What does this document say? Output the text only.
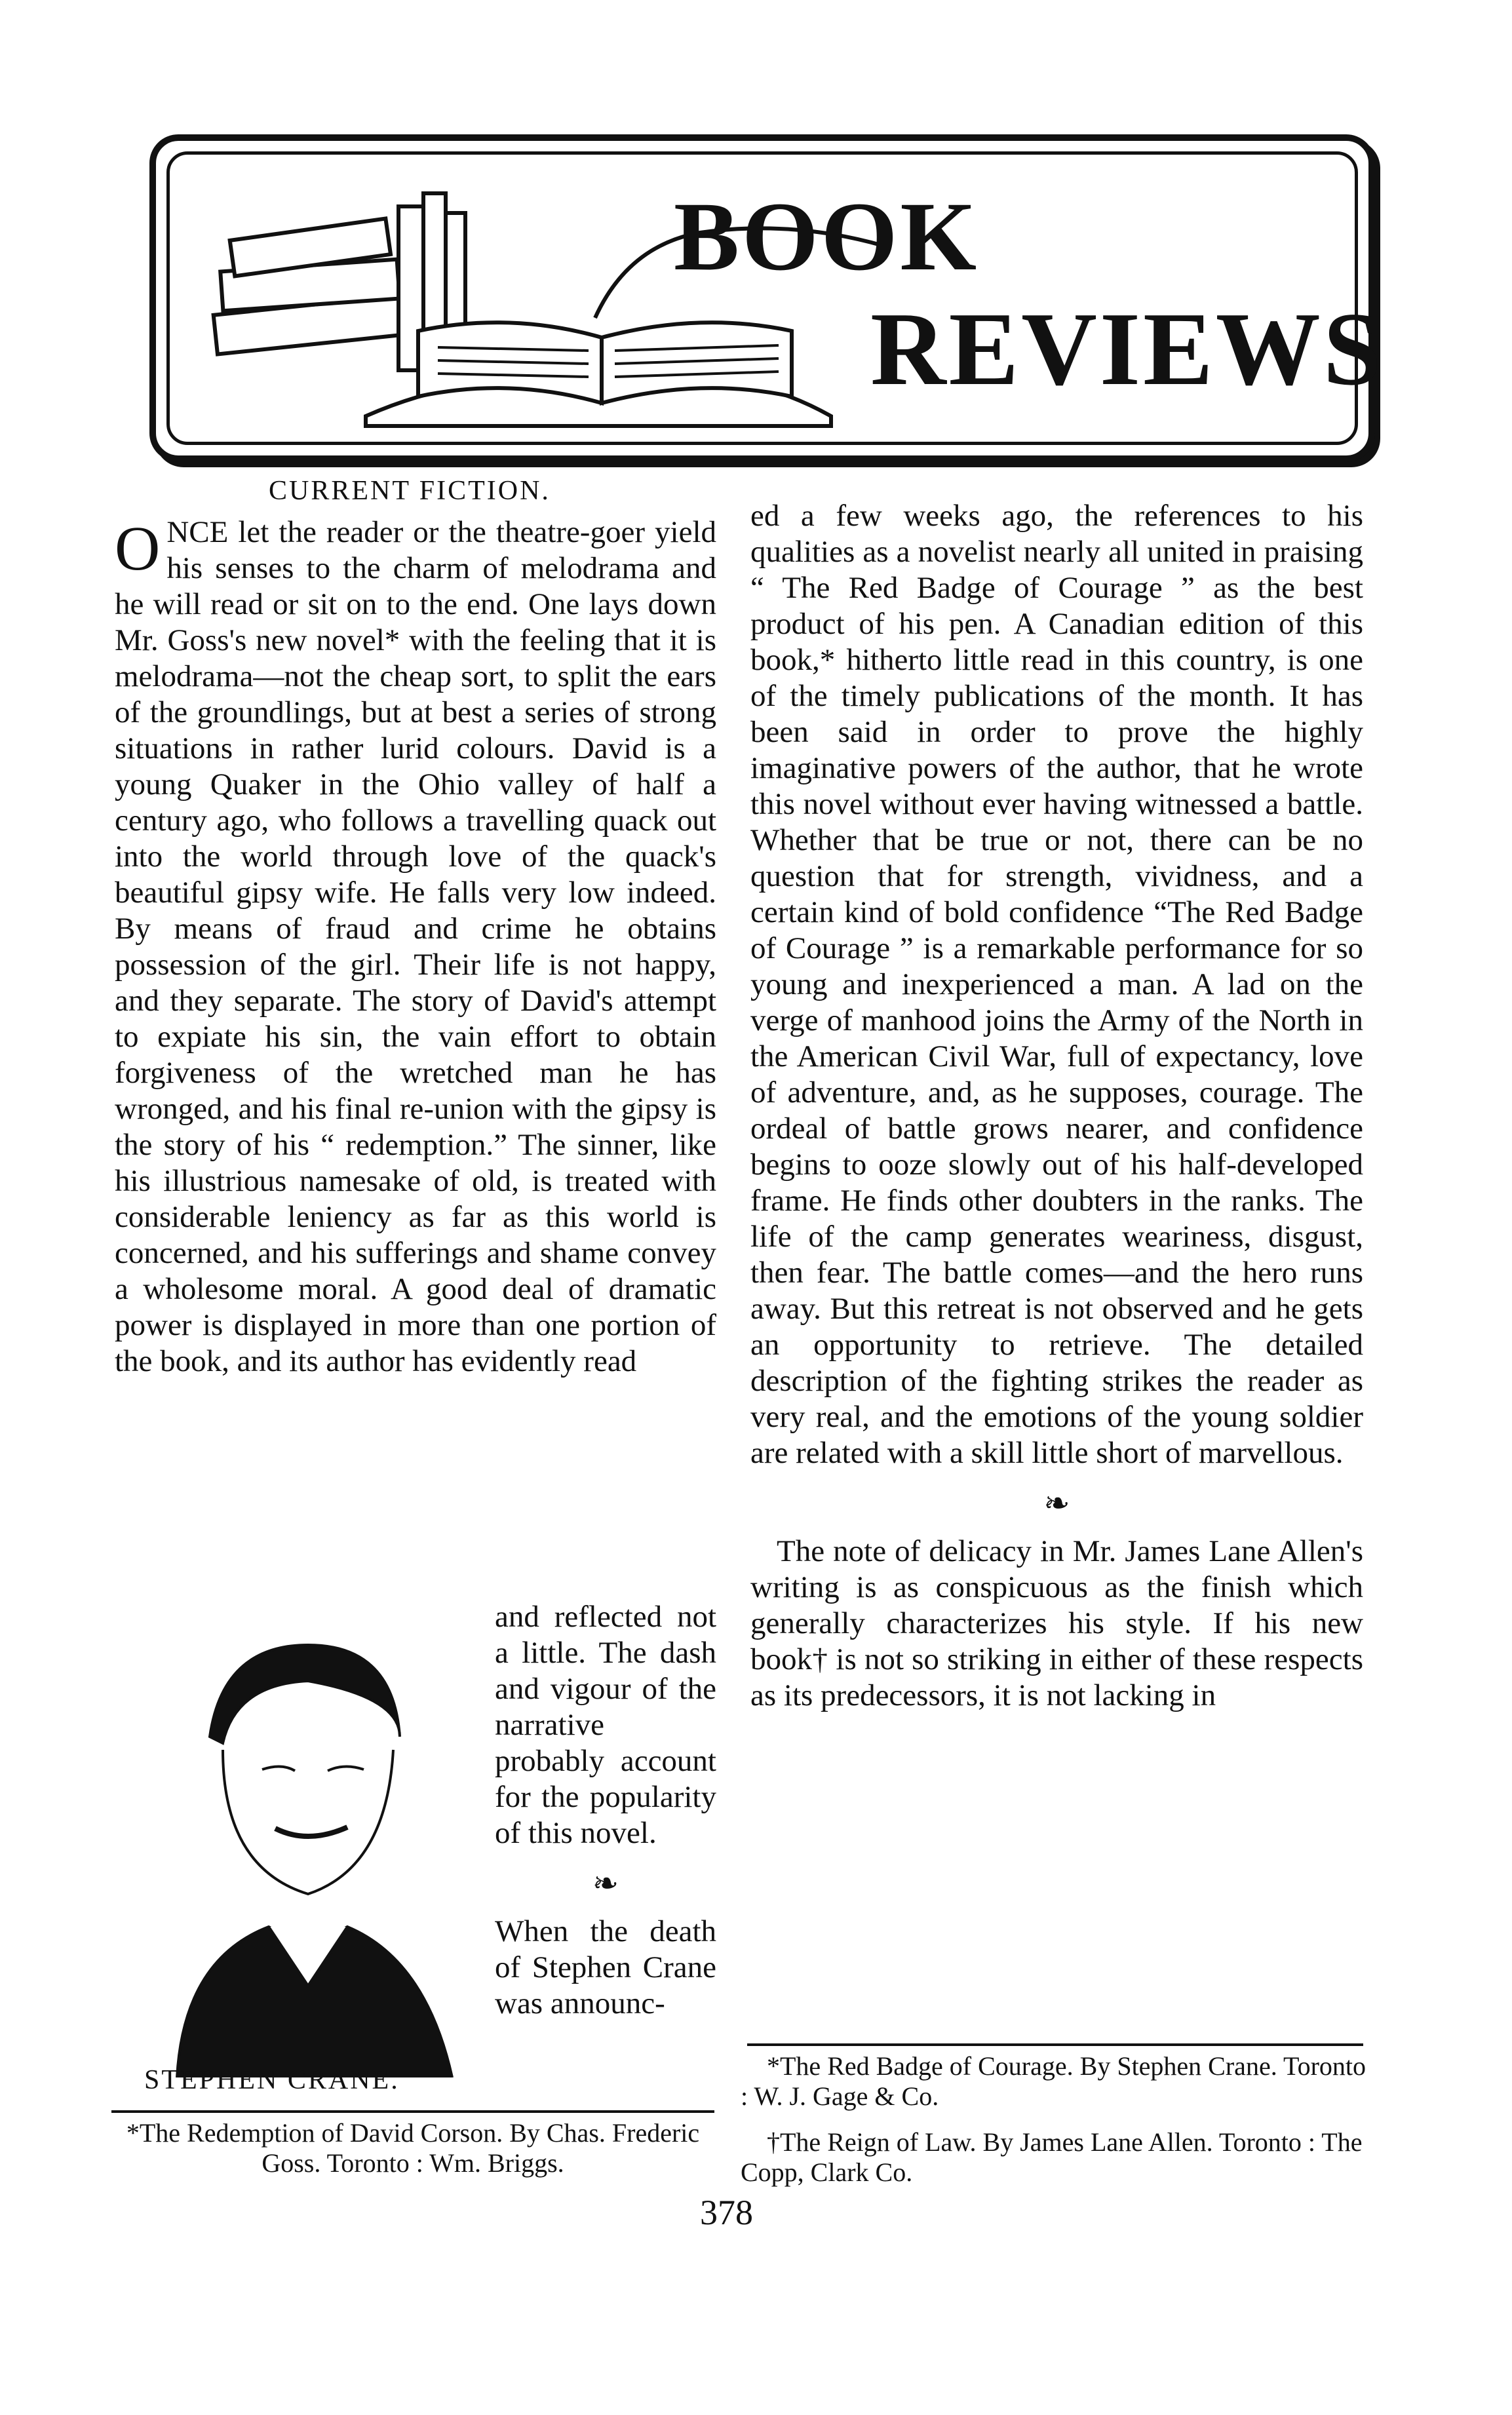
BOOK
REVIEWS
CURRENT FICTION.

ONCE let the reader or the theatre-goer yield his senses to the charm of melodrama and he will read or sit on to the end. One lays down Mr. Goss's new novel* with the feeling that it is melodrama—not the cheap sort, to split the ears of the groundlings, but at best a series of strong situations in rather lurid colours. David is a young Quaker in the Ohio valley of half a century ago, who follows a travelling quack out into the world through love of the quack's beautiful gipsy wife. He falls very low indeed. By means of fraud and crime he obtains possession of the girl. Their life is not happy, and they separate. The story of David's attempt to expiate his sin, the vain effort to obtain forgiveness of the wretched man he has wronged, and his final re-union with the gipsy is the story of his “ redemption.” The sinner, like his illustrious namesake of old, is treated with considerable leniency as far as this world is concerned, and his sufferings and shame convey a wholesome moral. A good deal of dramatic power is displayed in more than one portion of the book, and its author has evidently read

and reflected not a little. The dash and vigour of the narrative probably account for the popularity of this novel.

❧

When the death of Stephen Crane was announc-

STEPHEN CRANE.
*The Redemption of David Corson. By Chas. Frederic Goss. Toronto : Wm. Briggs.

ed a few weeks ago, the references to his qualities as a novelist nearly all united in praising “ The Red Badge of Courage ” as the best product of his pen. A Canadian edition of this book,* hitherto little read in this country, is one of the timely publications of the month. It has been said in order to prove the highly imaginative powers of the author, that he wrote this novel without ever having witnessed a battle. Whether that be true or not, there can be no question that for strength, vividness, and a certain kind of bold confidence “The Red Badge of Courage ” is a remarkable performance for so young and inexperienced a man. A lad on the verge of manhood joins the Army of the North in the American Civil War, full of expectancy, love of adventure, and, as he supposes, courage. The ordeal of battle grows nearer, and confidence begins to ooze slowly out of his half-developed frame. He finds other doubters in the ranks. The life of the camp generates weariness, disgust, then fear. The battle comes—and the hero runs away. But this retreat is not observed and he gets an opportunity to retrieve. The detailed description of the fighting strikes the reader as very real, and the emotions of the young soldier are related with a skill little short of marvellous.

❧

The note of delicacy in Mr. James Lane Allen's writing is as conspicuous as the finish which generally characterizes his style. If his new book† is not so striking in either of these respects as its predecessors, it is not lacking in

*The Red Badge of Courage. By Stephen Crane. Toronto : W. J. Gage & Co.
†The Reign of Law. By James Lane Allen. Toronto : The Copp, Clark Co.
378
